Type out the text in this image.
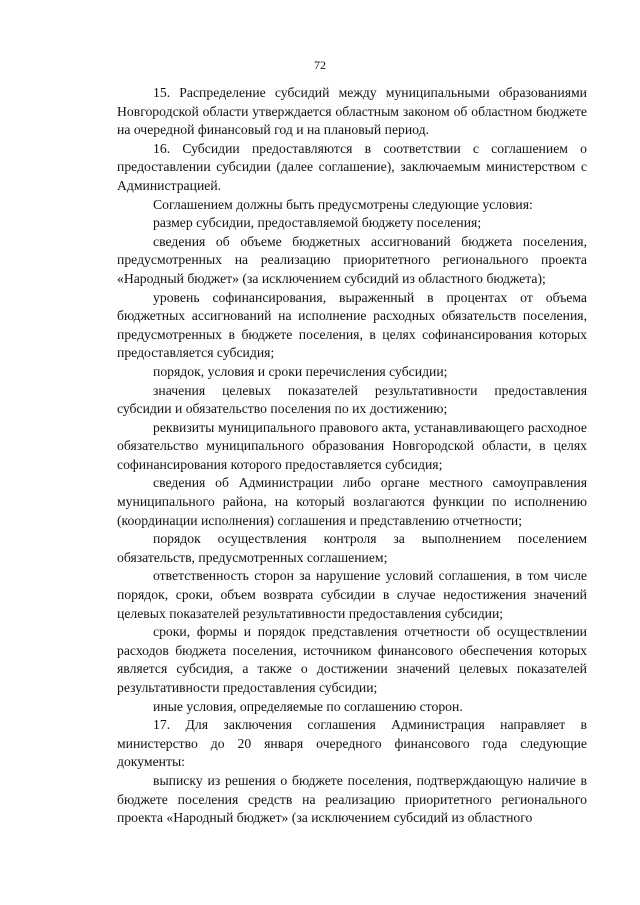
72

15. Распределение субсидий между муниципальными образованиями Новгородской области утверждается областным законом об областном бюджете на очередной финансовый год и на плановый период.

16. Субсидии предоставляются в соответствии с соглашением о предоставлении субсидии (далее соглашение), заключаемым министерством с Администрацией.

Соглашением должны быть предусмотрены следующие условия:

размер субсидии, предоставляемой бюджету поселения;

сведения об объеме бюджетных ассигнований бюджета поселения, предусмотренных на реализацию приоритетного регионального проекта «Народный бюджет» (за исключением субсидий из областного бюджета);

уровень софинансирования, выраженный в процентах от объема бюджетных ассигнований на исполнение расходных обязательств поселения, предусмотренных в бюджете поселения, в целях софинансирования которых предоставляется субсидия;

порядок, условия и сроки перечисления субсидии;

значения целевых показателей результативности предоставления субсидии и обязательство поселения по их достижению;

реквизиты муниципального правового акта, устанавливающего расходное обязательство муниципального образования Новгородской области, в целях софинансирования которого предоставляется субсидия;

сведения об Администрации либо органе местного самоуправления муниципального района, на который возлагаются функции по исполнению (координации исполнения) соглашения и представлению отчетности;

порядок осуществления контроля за выполнением поселением обязательств, предусмотренных соглашением;

ответственность сторон за нарушение условий соглашения, в том числе порядок, сроки, объем возврата субсидии в случае недостижения значений целевых показателей результативности предоставления субсидии;

сроки, формы и порядок представления отчетности об осуществлении расходов бюджета поселения, источником финансового обеспечения которых является субсидия, а также о достижении значений целевых показателей результативности предоставления субсидии;

иные условия, определяемые по соглашению сторон.

17. Для заключения соглашения Администрация направляет в министерство до 20 января очередного финансового года следующие документы:

выписку из решения о бюджете поселения, подтверждающую наличие в бюджете поселения средств на реализацию приоритетного регионального проекта «Народный бюджет» (за исключением субсидий из областного
